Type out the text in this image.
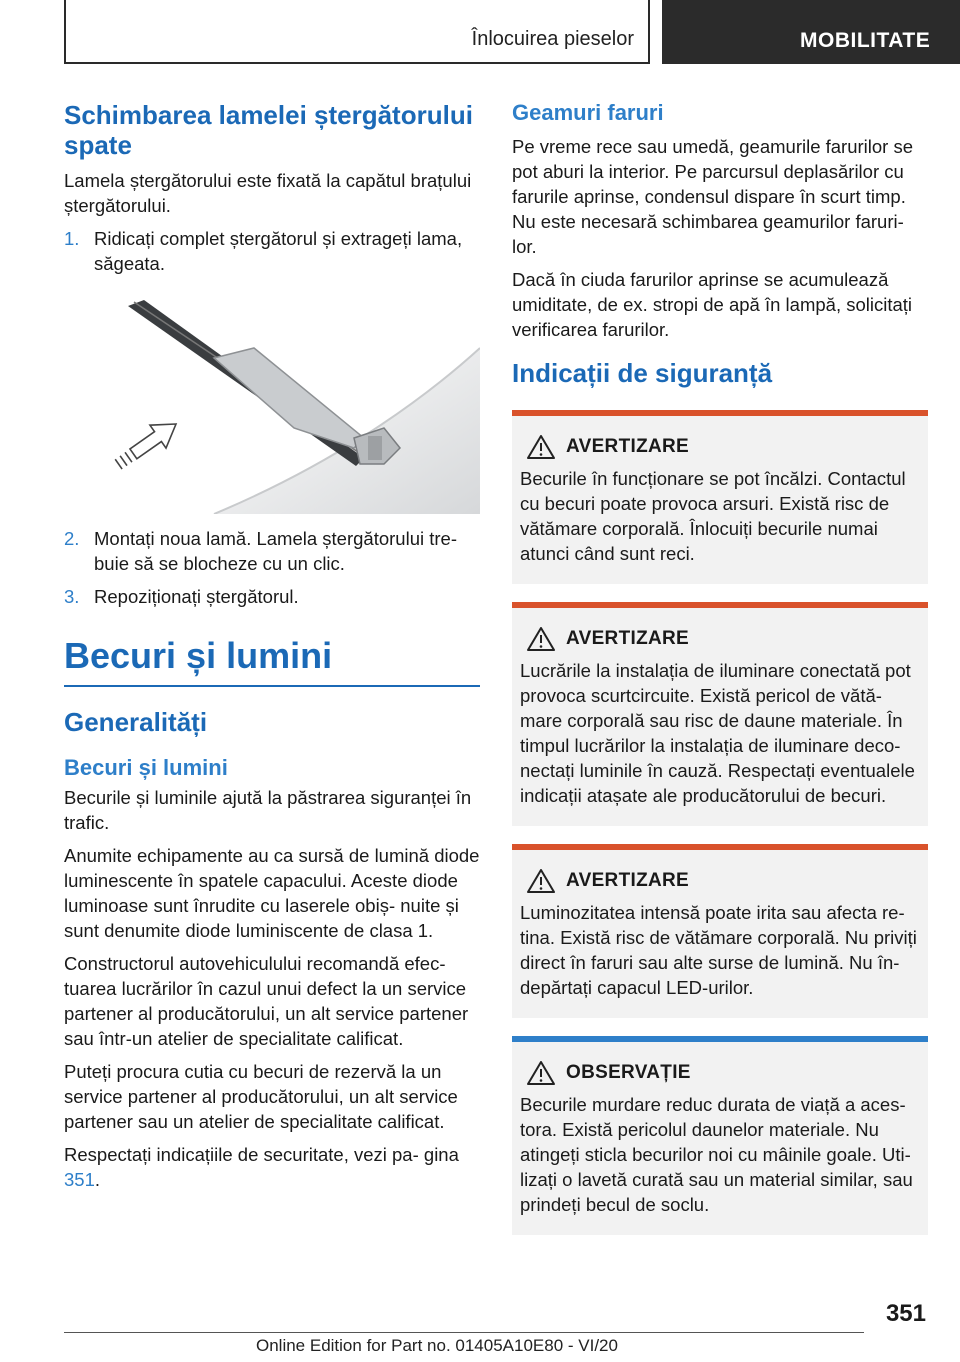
Înlocuirea pieselor	MOBILITATE
Schimbarea lamelei ștergătorului spate

Lamela ștergătorului este fixată la capătul brațului ștergătorului.

1. Ridicați complet ștergătorul și extrageți lama, săgeata.
2. Montați noua lamă. Lamela ștergătorului tre‐ buie să se blocheze cu un clic.
3. Repoziționați ștergătorul.
Becuri și lumini
Generalități
Becuri și lumini

Becurile și luminile ajută la păstrarea siguranței în trafic.

Anumite echipamente au ca sursă de lumină diode luminescente în spatele capacului. Aceste diode luminoase sunt înrudite cu laserele obiș‐ nuite și sunt denumite diode luminiscente de clasa 1.

Constructorul autovehiculului recomandă efec‐ tuarea lucrărilor în cazul unui defect la un service partener al producătorului, un alt service partener sau într-un atelier de specialitate calificat.

Puteți procura cutia cu becuri de rezervă la un service partener al producătorului, un alt service partener sau un atelier de specialitate calificat.

Respectați indicațiile de securitate, vezi pa‐ gina 351.

Geamuri faruri

Pe vreme rece sau umedă, geamurile farurilor se pot aburi la interior. Pe parcursul deplasărilor cu farurile aprinse, condensul dispare în scurt timp. Nu este necesară schimbarea geamurilor faruri‐ lor.

Dacă în ciuda farurilor aprinse se acumulează umiditate, de ex. stropi de apă în lampă, solicitați verificarea farurilor.

Indicații de siguranță
AVERTIZARE

Becurile în funcționare se pot încălzi. Contactul cu becuri poate provoca arsuri. Există risc de vătămare corporală. Înlocuiți becurile numai atunci când sunt reci.

AVERTIZARE

Lucrările la instalația de iluminare conectată pot provoca scurtcircuite. Există pericol de vătă‐ mare corporală sau risc de daune materiale. În timpul lucrărilor la instalația de iluminare deco‐ nectați luminile în cauză. Respectați eventualele indicații atașate ale producătorului de becuri.

AVERTIZARE

Luminozitatea intensă poate irita sau afecta re‐ tina. Există risc de vătămare corporală. Nu priviți direct în faruri sau alte surse de lumină. Nu în‐ depărtați capacul LED-urilor.

OBSERVAȚIE

Becurile murdare reduc durata de viață a aces‐ tora. Există pericolul daunelor materiale. Nu atingeți sticla becurilor noi cu mâinile goale. Uti‐ lizați o lavetă curată sau un material similar, sau prindeți becul de soclu.

351
Online Edition for Part no. 01405A10E80 - VI/20
